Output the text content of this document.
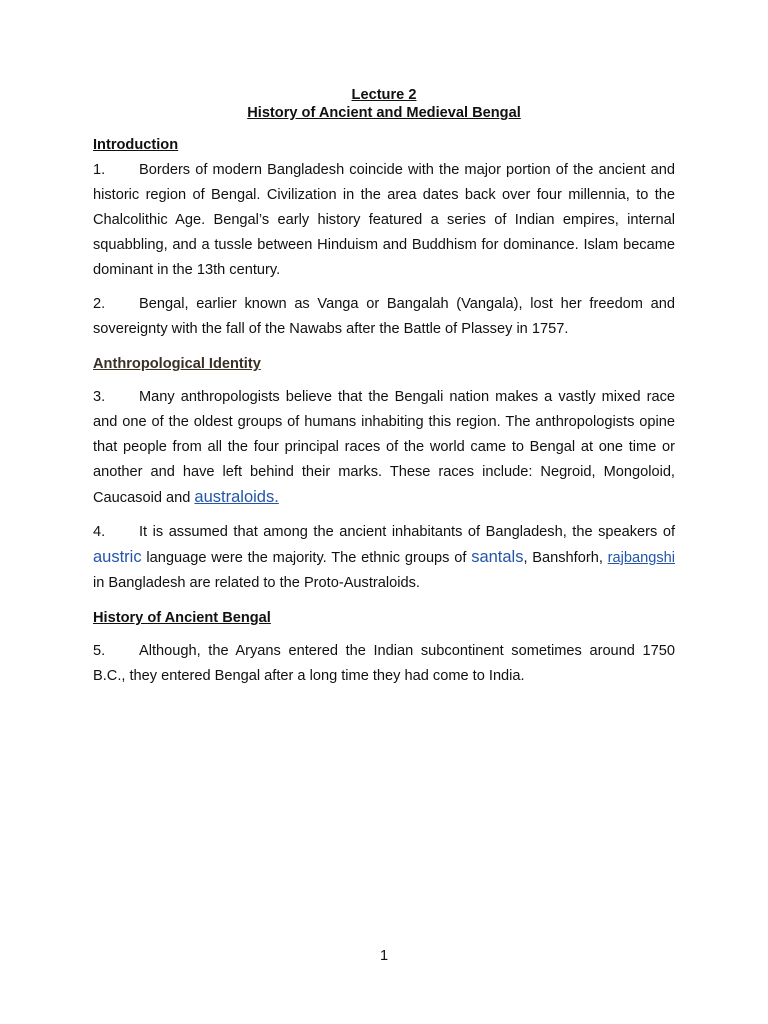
Lecture 2
History of Ancient and Medieval Bengal
Introduction

1. Borders of modern Bangladesh coincide with the major portion of the ancient and historic region of Bengal. Civilization in the area dates back over four millennia, to the Chalcolithic Age. Bengal’s early history featured a series of Indian empires, internal squabbling, and a tussle between Hinduism and Buddhism for dominance. Islam became dominant in the 13th century.

2. Bengal, earlier known as Vanga or Bangalah (Vangala), lost her freedom and sovereignty with the fall of the Nawabs after the Battle of Plassey in 1757.

Anthropological Identity

3. Many anthropologists believe that the Bengali nation makes a vastly mixed race and one of the oldest groups of humans inhabiting this region. The anthropologists opine that people from all the four principal races of the world came to Bengal at one time or another and have left behind their marks. These races include: Negroid, Mongoloid, Caucasoid and australoids.

4. It is assumed that among the ancient inhabitants of Bangladesh, the speakers of austric language were the majority. The ethnic groups of santals, Banshforh, rajbangshi in Bangladesh are related to the Proto-Australoids.

History of Ancient Bengal

5. Although, the Aryans entered the Indian subcontinent sometimes around 1750 B.C., they entered Bengal after a long time they had come to India.

1
